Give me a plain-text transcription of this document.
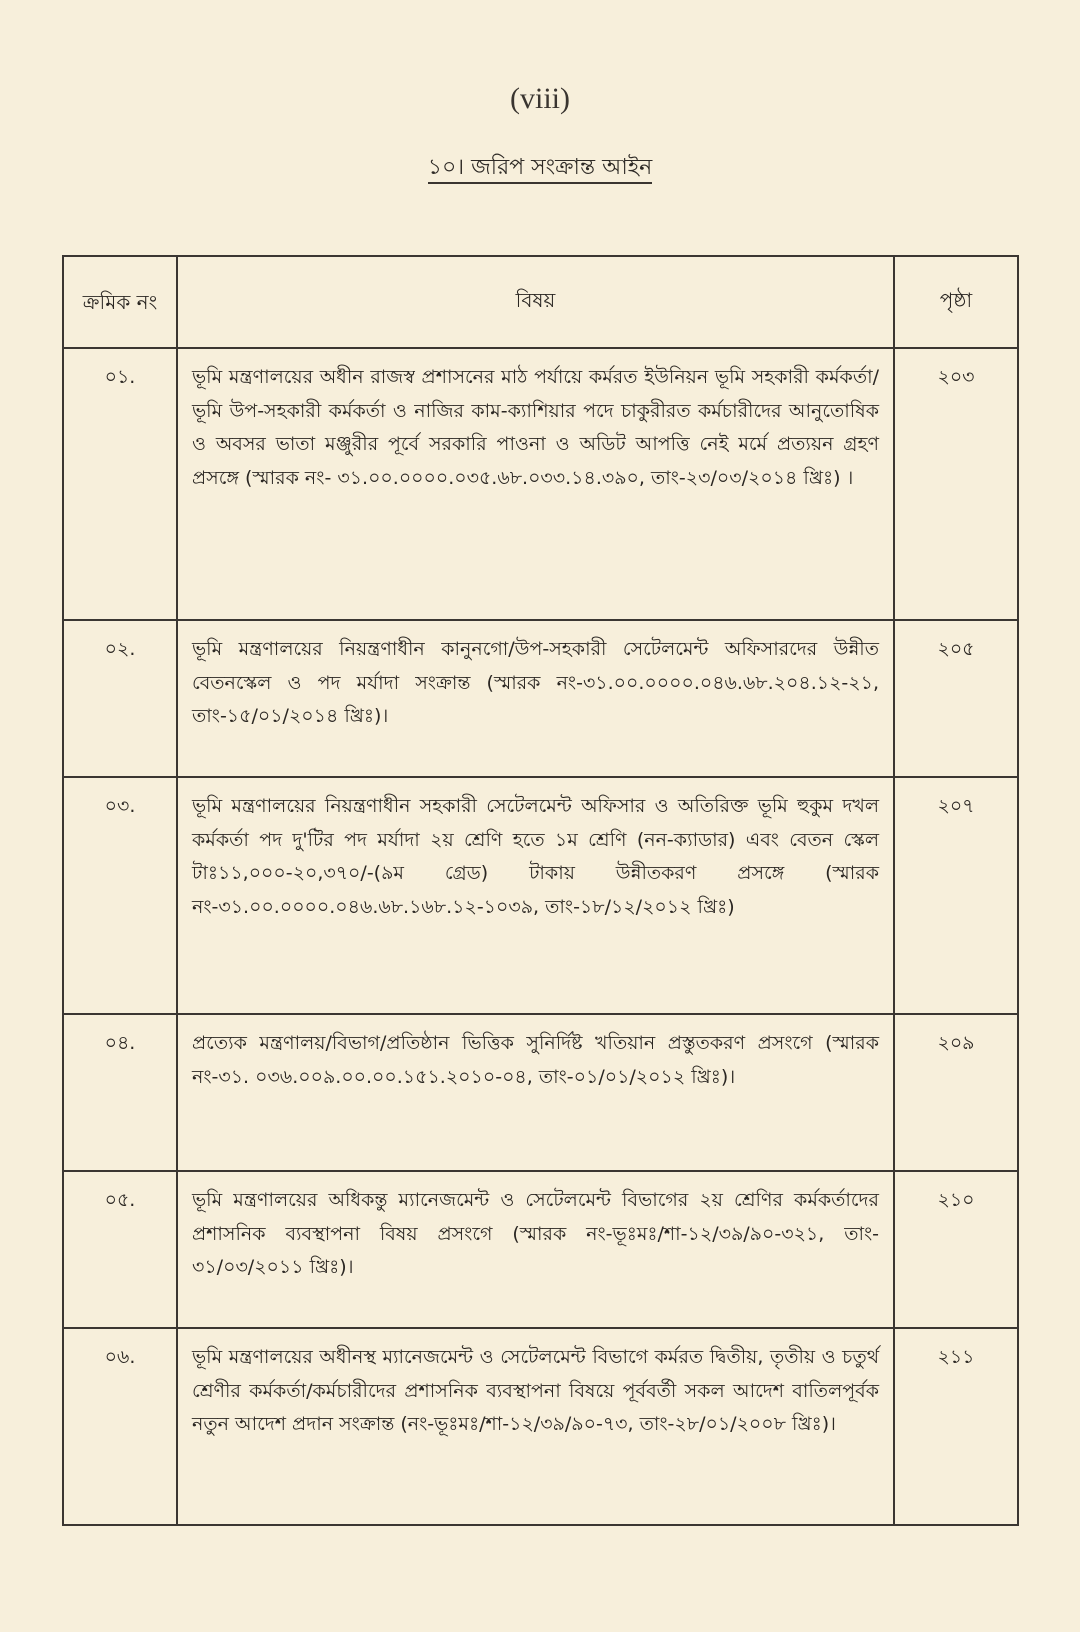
(viii)
১০। জরিপ সংক্রান্ত আইন
ক্রমিক নং	বিষয়	পৃষ্ঠা
০১.	ভূমি মন্ত্রণালয়ের অধীন রাজস্ব প্রশাসনের মাঠ পর্যায়ে কর্মরত ইউনিয়ন ভূমি সহকারী কর্মকর্তা/ভূমি উপ-সহকারী কর্মকর্তা ও নাজির কাম-ক্যাশিয়ার পদে চাকুরীরত কর্মচারীদের আনুতোষিক ও অবসর ভাতা মঞ্জুরীর পূর্বে সরকারি পাওনা ও অডিট আপত্তি নেই মর্মে প্রত্যয়ন গ্রহণ প্রসঙ্গে (স্মারক নং- ৩১.০০.০০০০.০৩৫.৬৮.০৩৩.১৪.৩৯০, তাং-২৩/০৩/২০১৪ খ্রিঃ) ।	২০৩
০২.	ভূমি মন্ত্রণালয়ের নিয়ন্ত্রণাধীন কানুনগো/উপ-সহকারী সেটেলমেন্ট অফিসারদের উন্নীত বেতনস্কেল ও পদ মর্যাদা সংক্রান্ত (স্মারক নং-৩১.০০.০০০০.০৪৬.৬৮.২০৪.১২-২১, তাং-১৫/০১/২০১৪ খ্রিঃ)।	২০৫
০৩.	ভূমি মন্ত্রণালয়ের নিয়ন্ত্রণাধীন সহকারী সেটেলমেন্ট অফিসার ও অতিরিক্ত ভূমি হুকুম দখল কর্মকর্তা পদ দু'টির পদ মর্যাদা ২য় শ্রেণি হতে ১ম শ্রেণি (নন-ক্যাডার) এবং বেতন স্কেল টাঃ১১,০০০-২০,৩৭০/-(৯ম গ্রেড) টাকায় উন্নীতকরণ প্রসঙ্গে (স্মারক নং-৩১.০০.০০০০.০৪৬.৬৮.১৬৮.১২-১০৩৯, তাং-১৮/১২/২০১২ খ্রিঃ)	২০৭
০৪.	প্রত্যেক মন্ত্রণালয়/বিভাগ/প্রতিষ্ঠান ভিত্তিক সুনির্দিষ্ট খতিয়ান প্রস্তুতকরণ প্রসংগে (স্মারক নং-৩১. ০৩৬.০০৯.০০.০০.১৫১.২০১০-০৪, তাং-০১/০১/২০১২ খ্রিঃ)।	২০৯
০৫.	ভূমি মন্ত্রণালয়ের অধিকন্তু ম্যানেজমেন্ট ও সেটেলমেন্ট বিভাগের ২য় শ্রেণির কর্মকর্তাদের প্রশাসনিক ব্যবস্থাপনা বিষয় প্রসংগে (স্মারক নং-ভূঃমঃ/শা-১২/৩৯/৯০-৩২১, তাং- ৩১/০৩/২০১১ খ্রিঃ)।	২১০
০৬.	ভূমি মন্ত্রণালয়ের অধীনস্থ ম্যানেজমেন্ট ও সেটেলমেন্ট বিভাগে কর্মরত দ্বিতীয়, তৃতীয় ও চতুর্থ শ্রেণীর কর্মকর্তা/কর্মচারীদের প্রশাসনিক ব্যবস্থাপনা বিষয়ে পূর্ববর্তী সকল আদেশ বাতিলপূর্বক নতুন আদেশ প্রদান সংক্রান্ত (নং-ভূঃমঃ/শা-১২/৩৯/৯০-৭৩, তাং-২৮/০১/২০০৮ খ্রিঃ)।	২১১
